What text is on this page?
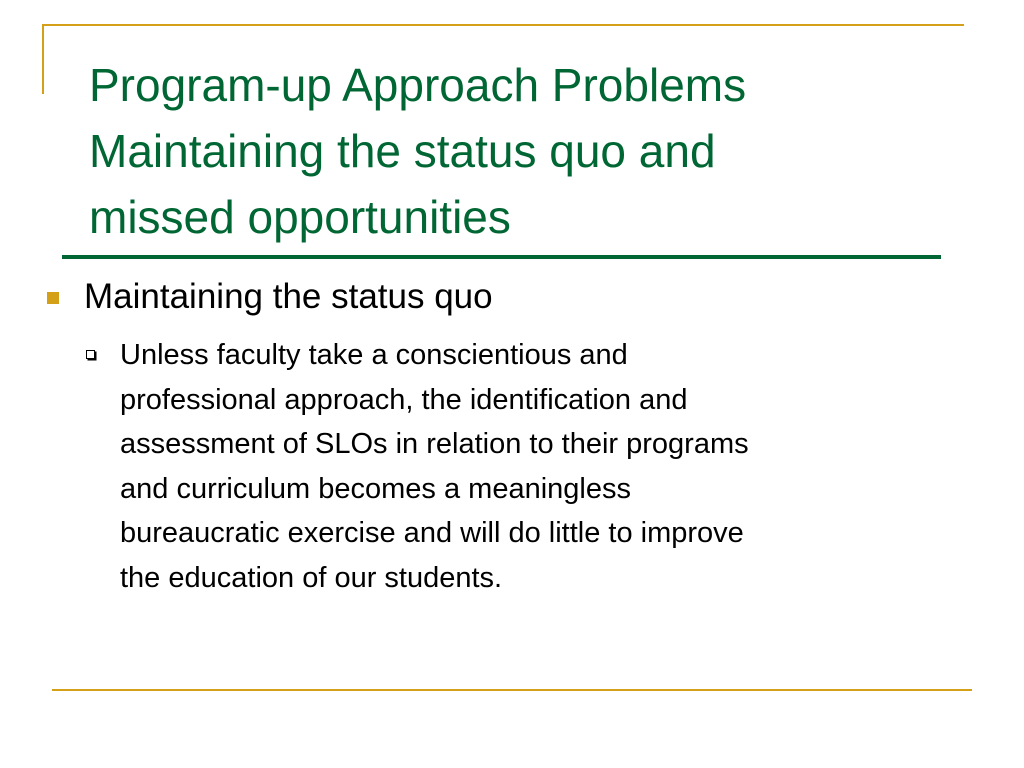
Program-up Approach Problems
Maintaining the status quo and
missed opportunities
Maintaining the status quo
Unless faculty take a conscientious and
professional approach, the identification and
assessment of SLOs in relation to their programs
and curriculum becomes a meaningless
bureaucratic exercise and will do little to improve
the education of our students.
